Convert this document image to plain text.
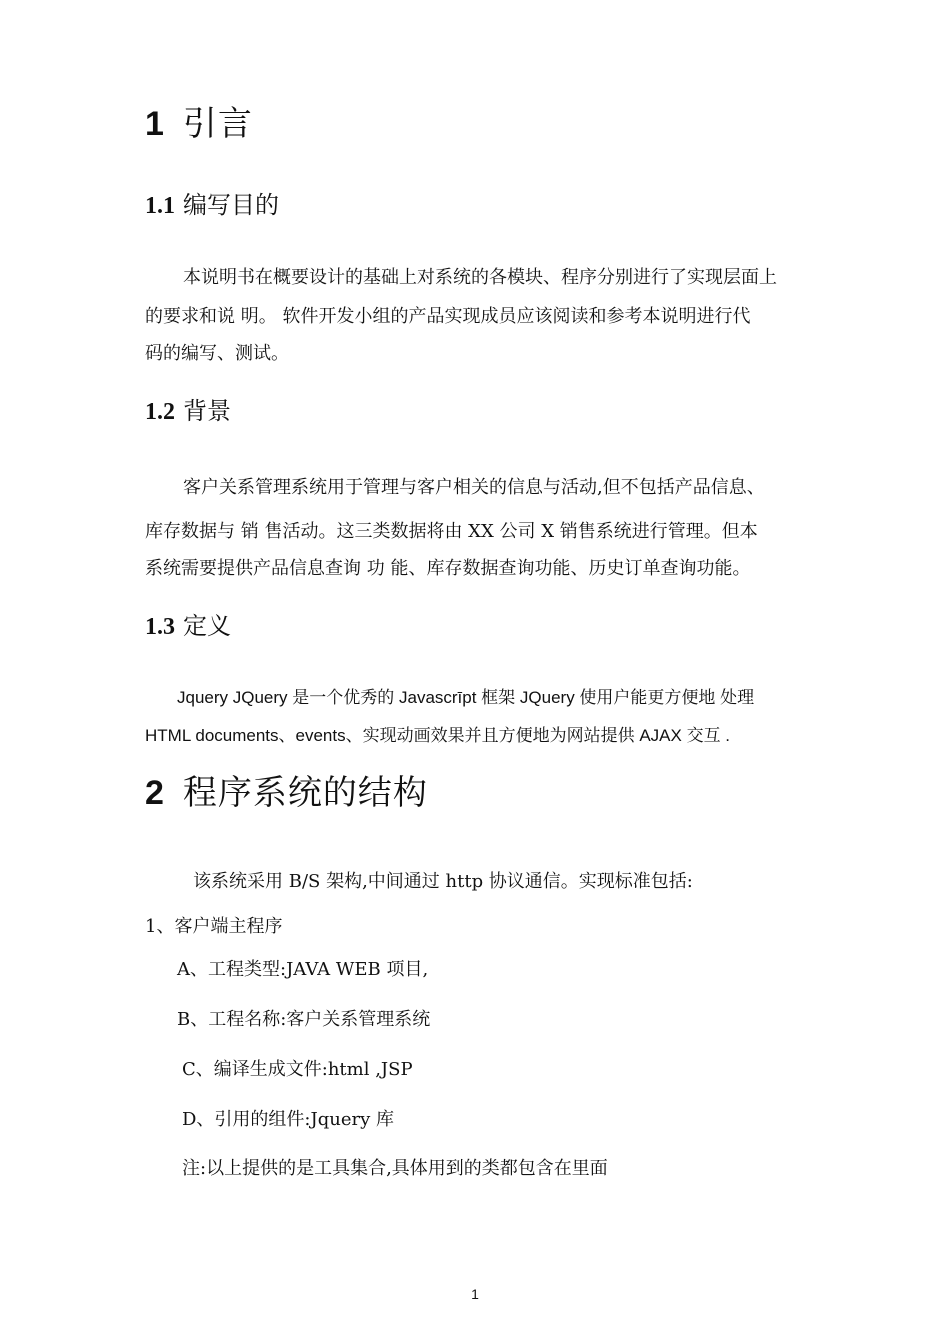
1 引言
1.1 编写目的
本说明书在概要设计的基础上对系统的各模块、程序分别进行了实现层面上
的要求和说 明。 软件开发小组的产品实现成员应该阅读和参考本说明进行代
码的编写、测试。
1.2 背景
客户关系管理系统用于管理与客户相关的信息与活动,但不包括产品信息、
库存数据与 销 售活动。这三类数据将由 XX 公司 X 销售系统进行管理。但本
系统需要提供产品信息查询 功 能、库存数据查询功能、历史订单查询功能。
1.3 定义
Jquery JQuery 是一个优秀的 Javascrīpt 框架 JQuery 使用户能更方便地 处理
HTML documents、events、实现动画效果并且方便地为网站提供 AJAX 交互 .
2 程序系统的结构
该系统采用 B/S 架构,中间通过 http 协议通信。实现标准包括:
1、客户端主程序
A、工程类型:JAVA WEB 项目,
B、工程名称:客户关系管理系统
C、编译生成文件:html ,JSP
D、引用的组件:Jquery 库
注:以上提供的是工具集合,具体用到的类都包含在里面
1
